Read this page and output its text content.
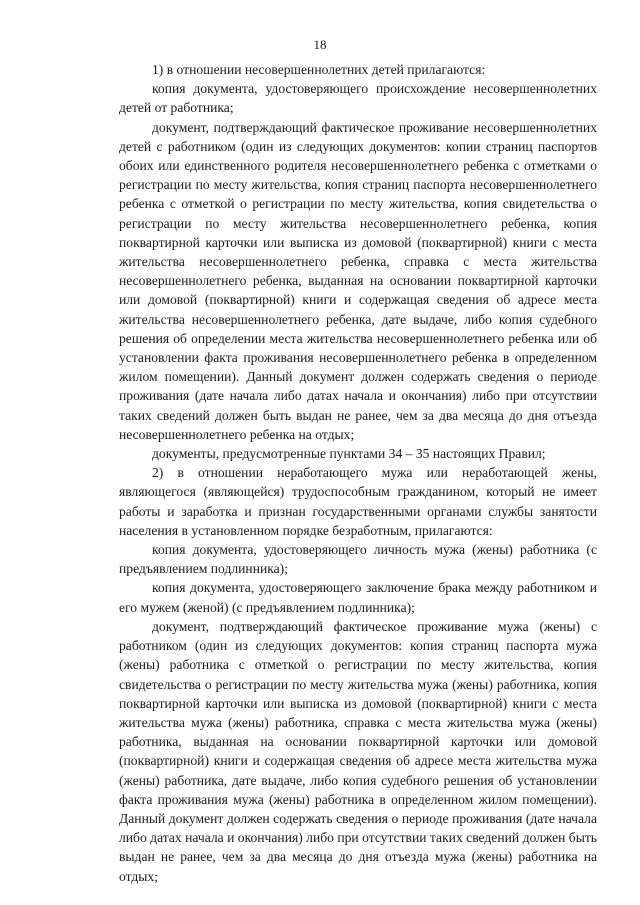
18

1) в отношении несовершеннолетних детей прилагаются:

копия документа, удостоверяющего происхождение несовершеннолетних детей от работника;

документ, подтверждающий фактическое проживание несовершеннолетних детей с работником (один из следующих документов: копии страниц паспортов обоих или единственного родителя несовершеннолетнего ребенка с отметками о регистрации по месту жительства, копия страниц паспорта несовершеннолетнего ребенка с отметкой о регистрации по месту жительства, копия свидетельства о регистрации по месту жительства несовершеннолетнего ребенка, копия поквартирной карточки или выписка из домовой (поквартирной) книги с места жительства несовершеннолетнего ребенка, справка с места жительства несовершеннолетнего ребенка, выданная на основании поквартирной карточки или домовой (поквартирной) книги и содержащая сведения об адресе места жительства несовершеннолетнего ребенка, дате выдаче, либо копия судебного решения об определении места жительства несовершеннолетнего ребенка или об установлении факта проживания несовершеннолетнего ребенка в определенном жилом помещении). Данный документ должен содержать сведения о периоде проживания (дате начала либо датах начала и окончания) либо при отсутствии таких сведений должен быть выдан не ранее, чем за два месяца до дня отъезда несовершеннолетнего ребенка на отдых;

документы, предусмотренные пунктами 34 – 35 настоящих Правил;

2) в отношении неработающего мужа или неработающей жены, являющегося (являющейся) трудоспособным гражданином, который не имеет работы и заработка и признан государственными органами службы занятости населения в установленном порядке безработным, прилагаются:

копия документа, удостоверяющего личность мужа (жены) работника (с предъявлением подлинника);

копия документа, удостоверяющего заключение брака между работником и его мужем (женой) (с предъявлением подлинника);

документ, подтверждающий фактическое проживание мужа (жены) с работником (один из следующих документов: копия страниц паспорта мужа (жены) работника с отметкой о регистрации по месту жительства, копия свидетельства о регистрации по месту жительства мужа (жены) работника, копия поквартирной карточки или выписка из домовой (поквартирной) книги с места жительства мужа (жены) работника, справка с места жительства мужа (жены) работника, выданная на основании поквартирной карточки или домовой (поквартирной) книги и содержащая сведения об адресе места жительства мужа (жены) работника, дате выдаче, либо копия судебного решения об установлении факта проживания мужа (жены) работника в определенном жилом помещении). Данный документ должен содержать сведения о периоде проживания (дате начала либо датах начала и окончания) либо при отсутствии таких сведений должен быть выдан не ранее, чем за два месяца до дня отъезда мужа (жены) работника на отдых;
